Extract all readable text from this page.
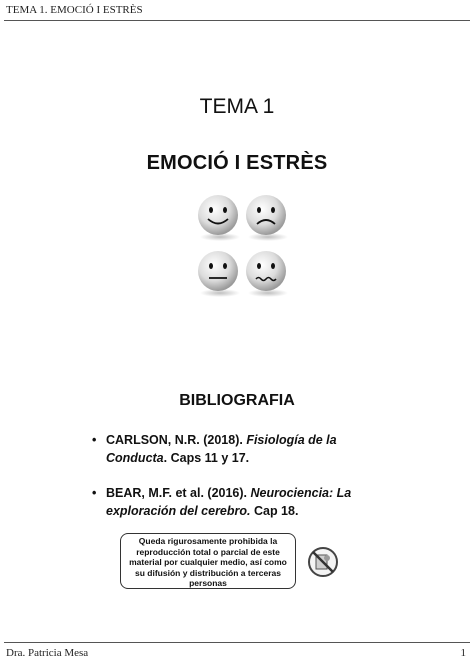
TEMA 1. EMOCIÓ I ESTRÈS
TEMA 1
EMOCIÓ I ESTRÈS
BIBLIOGRAFIA
• CARLSON, N.R. (2018). Fisiología de la Conducta. Caps 11 y 17.
• BEAR, M.F. et al. (2016). Neurociencia: La exploración del cerebro. Cap 18.
Queda rigurosamente prohibida la reproducción total o parcial de este material por cualquier medio, así como su difusión y distribución a terceras personas
Dra. Patricia Mesa	1
